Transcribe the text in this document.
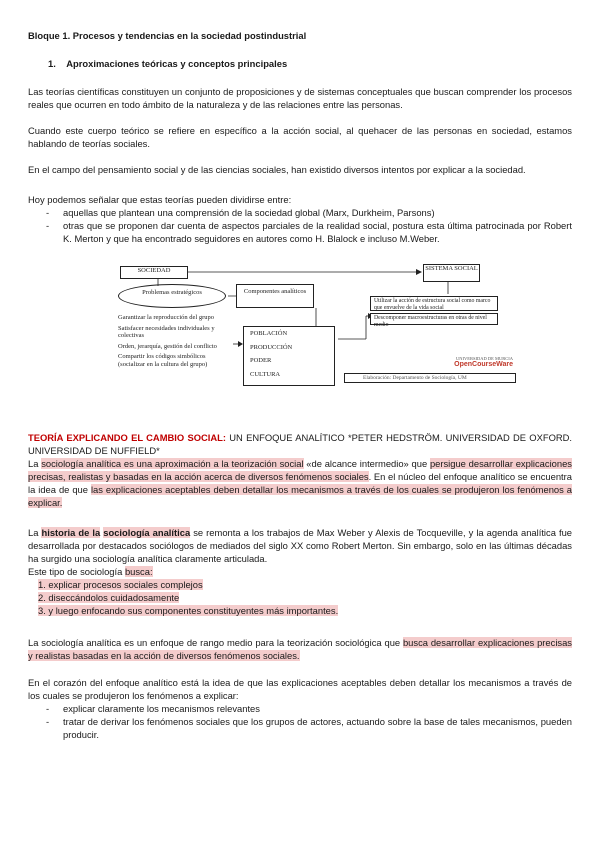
Bloque 1. Procesos y tendencias en la sociedad postindustrial
1. Aproximaciones teóricas y conceptos principales
Las teorías científicas constituyen un conjunto de proposiciones y de sistemas conceptuales que buscan comprender los procesos reales que ocurren en todo ámbito de la naturaleza y de las relaciones entre las personas.
Cuando este cuerpo teórico se refiere en específico a la acción social, al quehacer de las personas en sociedad, estamos hablando de teorías sociales.
En el campo del pensamiento social y de las ciencias sociales, han existido diversos intentos por explicar a la sociedad.
Hoy podemos señalar que estas teorías pueden dividirse entre:
- aquellas que plantean una comprensión de la sociedad global (Marx, Durkheim, Parsons)
- otras que se proponen dar cuenta de aspectos parciales de la realidad social, postura esta última patrocinada por Robert K. Merton y que ha encontrado seguidores en autores como H. Blalock e incluso M.Weber.
SOCIEDAD	SISTEMA SOCIAL
Problemas estratégicos	Componentes analíticos
Garantizar la reproducción del grupo
Satisfacer necesidades individuales y colectivas
Orden, jerarquía, gestión del conflicto
Compartir los códigos simbólicos (socializar en la cultura del grupo)
POBLACIÓN
PRODUCCIÓN
PODER
CULTURA
Utilizar la acción de estructura social como marco que envuelve de la vida social
Descomponer macroestructuras en otras de nivel medio
UNIVERSIDAD DE MURCIA
OpenCourseWare
Elaboración: Departamento de Sociología, UM
TEORÍA EXPLICANDO EL CAMBIO SOCIAL: UN ENFOQUE ANALÍTICO *PETER HEDSTRÖM. UNIVERSIDAD DE OXFORD. UNIVERSIDAD DE NUFFIELD*
La sociología analítica es una aproximación a la teorización social «de alcance intermedio» que persigue desarrollar explicaciones precisas, realistas y basadas en la acción acerca de diversos fenómenos sociales. En el núcleo del enfoque analítico se encuentra la idea de que las explicaciones aceptables deben detallar los mecanismos a través de los cuales se produjeron los fenómenos a explicar.
La historia de la sociología analítica se remonta a los trabajos de Max Weber y Alexis de Tocqueville, y la agenda analítica fue desarrollada por destacados sociólogos de mediados del siglo XX como Robert Merton. Sin embargo, solo en las últimas décadas ha surgido una sociología analítica claramente articulada.
Este tipo de sociología busca:
1. explicar procesos sociales complejos
2. diseccándolos cuidadosamente
3. y luego enfocando sus componentes constituyentes más importantes.
La sociología analítica es un enfoque de rango medio para la teorización sociológica que busca desarrollar explicaciones precisas y realistas basadas en la acción de diversos fenómenos sociales.
En el corazón del enfoque analítico está la idea de que las explicaciones aceptables deben detallar los mecanismos a través de los cuales se produjeron los fenómenos a explicar:
- explicar claramente los mecanismos relevantes
- tratar de derivar los fenómenos sociales que los grupos de actores, actuando sobre la base de tales mecanismos, pueden producir.
